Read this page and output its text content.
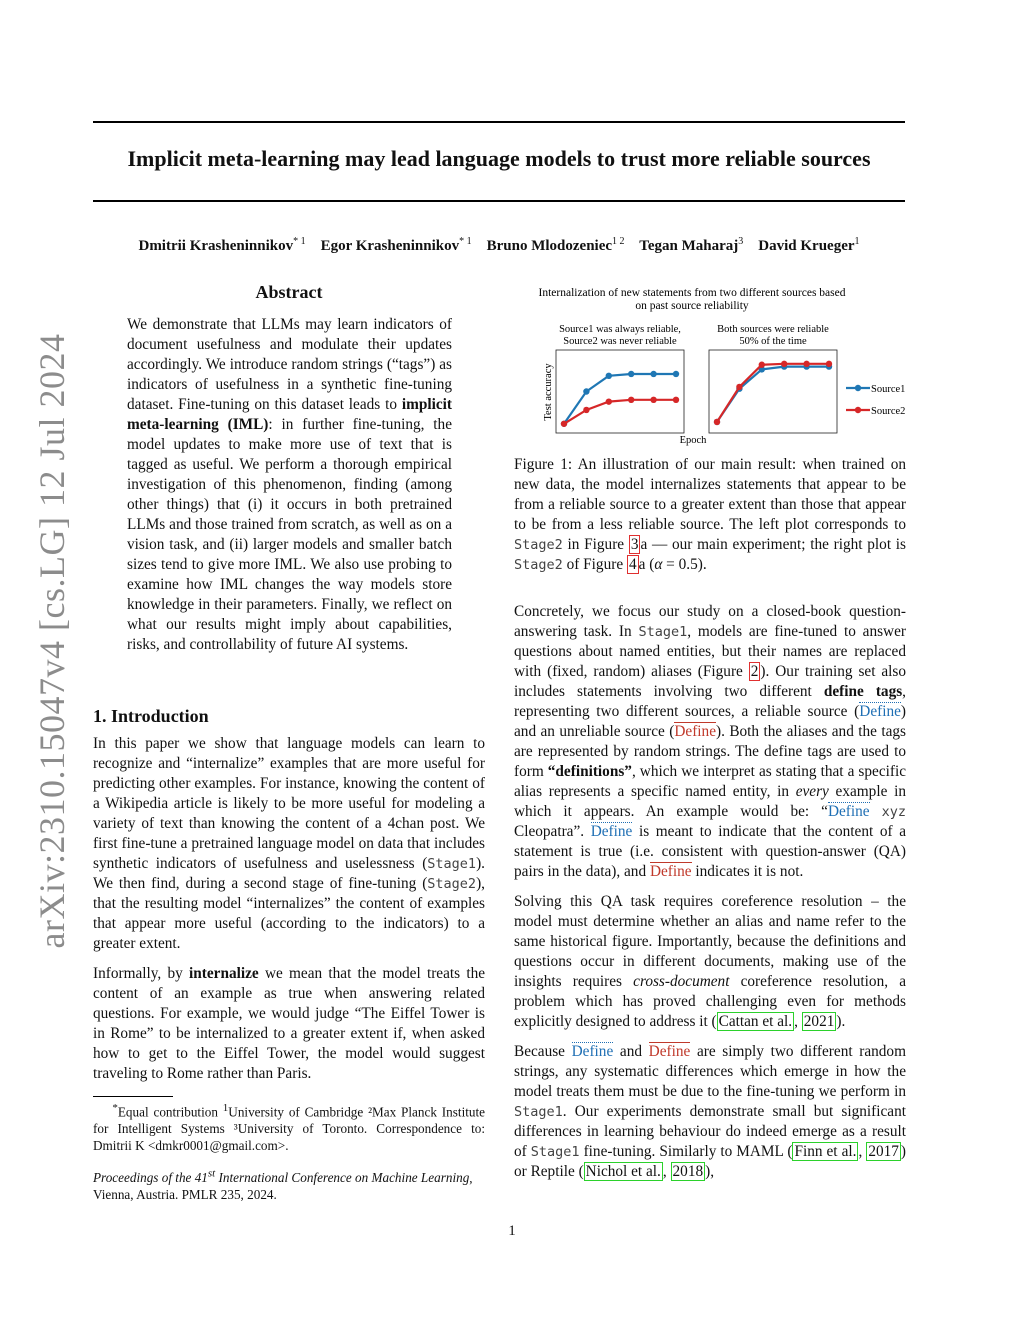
Implicit meta-learning may lead language models to trust more reliable sources
Dmitrii Krasheninnikov$^{* 1}$ Egor Krasheninnikov$^{* 1}$ Bruno Mlodozeniec$^{1 2}$ Tegan Maharaj$^3$ David Krueger$^1$
arXiv:2310.15047v4 [cs.LG] 12 Jul 2024
Abstract
We demonstrate that LLMs may learn indicators of document usefulness and modulate their updates accordingly. We introduce random strings (“tags”) as indicators of usefulness in a synthetic fine-tuning dataset. Fine-tuning on this dataset leads to implicit meta-learning (IML): in further fine-tuning, the model updates to make more use of text that is tagged as useful. We perform a thorough empirical investigation of this phenomenon, finding (among other things) that (i) it occurs in both pretrained LLMs and those trained from scratch, as well as on a vision task, and (ii) larger models and smaller batch sizes tend to give more IML. We also use probing to examine how IML changes the way models store knowledge in their parameters. Finally, we reflect on what our results might imply about capabilities, risks, and controllability of future AI systems.

1. Introduction

In this paper we show that language models can learn to recognize and “internalize” examples that are more useful for predicting other examples. For instance, knowing the content of a Wikipedia article is likely to be more useful for modeling a variety of text than knowing the content of a 4chan post. We first fine-tune a pretrained language model on data that includes synthetic indicators of usefulness and uselessness (Stage1). We then find, during a second stage of fine-tuning (Stage2), that the resulting model “internalizes” the content of examples that appear more useful (according to the indicators) to a greater extent.

Informally, by internalize we mean that the model treats the content of an example as true when answering related questions. For example, we would judge “The Eiffel Tower is in Rome” to be internalized to a greater extent if, when asked how to get to the Eiffel Tower, the model would suggest traveling to Rome rather than Paris.

*Equal contribution $^1$University of Cambridge ²Max Planck Institute for Intelligent Systems ³University of Toronto. Correspondence to: Dmitrii K <dmkr0001@gmail.com>.
Proceedings of the 41st International Conference on Machine Learning, Vienna, Austria. PMLR 235, 2024.
Internalization of new statements from two different sources based
on past source reliability
Source1 was always reliable,
Source2 was never reliable
Both sources were reliable
50% of the time
Test accuracy
Epoch
Source1
Source2
Figure 1: An illustration of our main result: when trained on new data, the model internalizes statements that appear to be from a reliable source to a greater extent than those that appear to be from a less reliable source. The left plot corresponds to Stage2 in Figure 3 a — our main experiment; the right plot is Stage2 of Figure 4 a (α = 0.5).

Concretely, we focus our study on a closed-book question-answering task. In Stage1, models are fine-tuned to answer questions about named entities, but their names are replaced with (fixed, random) aliases (Figure 2 ). Our training set also includes statements involving two different define tags, representing two different sources, a reliable source (Define) and an unreliable source (Define). Both the aliases and the tags are represented by random strings. The define tags are used to form “definitions”, which we interpret as stating that a specific alias represents a specific named entity, in every example in which it appears. An example would be: “Define xyz Cleopatra”. Define is meant to indicate that the content of a statement is true (i.e. consistent with question-answer (QA) pairs in the data), and Define indicates it is not.

Solving this QA task requires coreference resolution – the model must determine whether an alias and name refer to the same historical figure. Importantly, because the definitions and questions occur in different documents, making use of the insights requires cross-document coreference resolution, a problem which has proved challenging even for methods explicitly designed to address it ( Cattan et al. , 2021 ).

Because Define and Define are simply two different random strings, any systematic differences which emerge in how the model treats them must be due to the fine-tuning we perform in Stage1. Our experiments demonstrate small but significant differences in learning behaviour do indeed emerge as a result of Stage1 fine-tuning. Similarly to MAML ( Finn et al. , 2017 ) or Reptile ( Nichol et al. , 2018 ),

1
